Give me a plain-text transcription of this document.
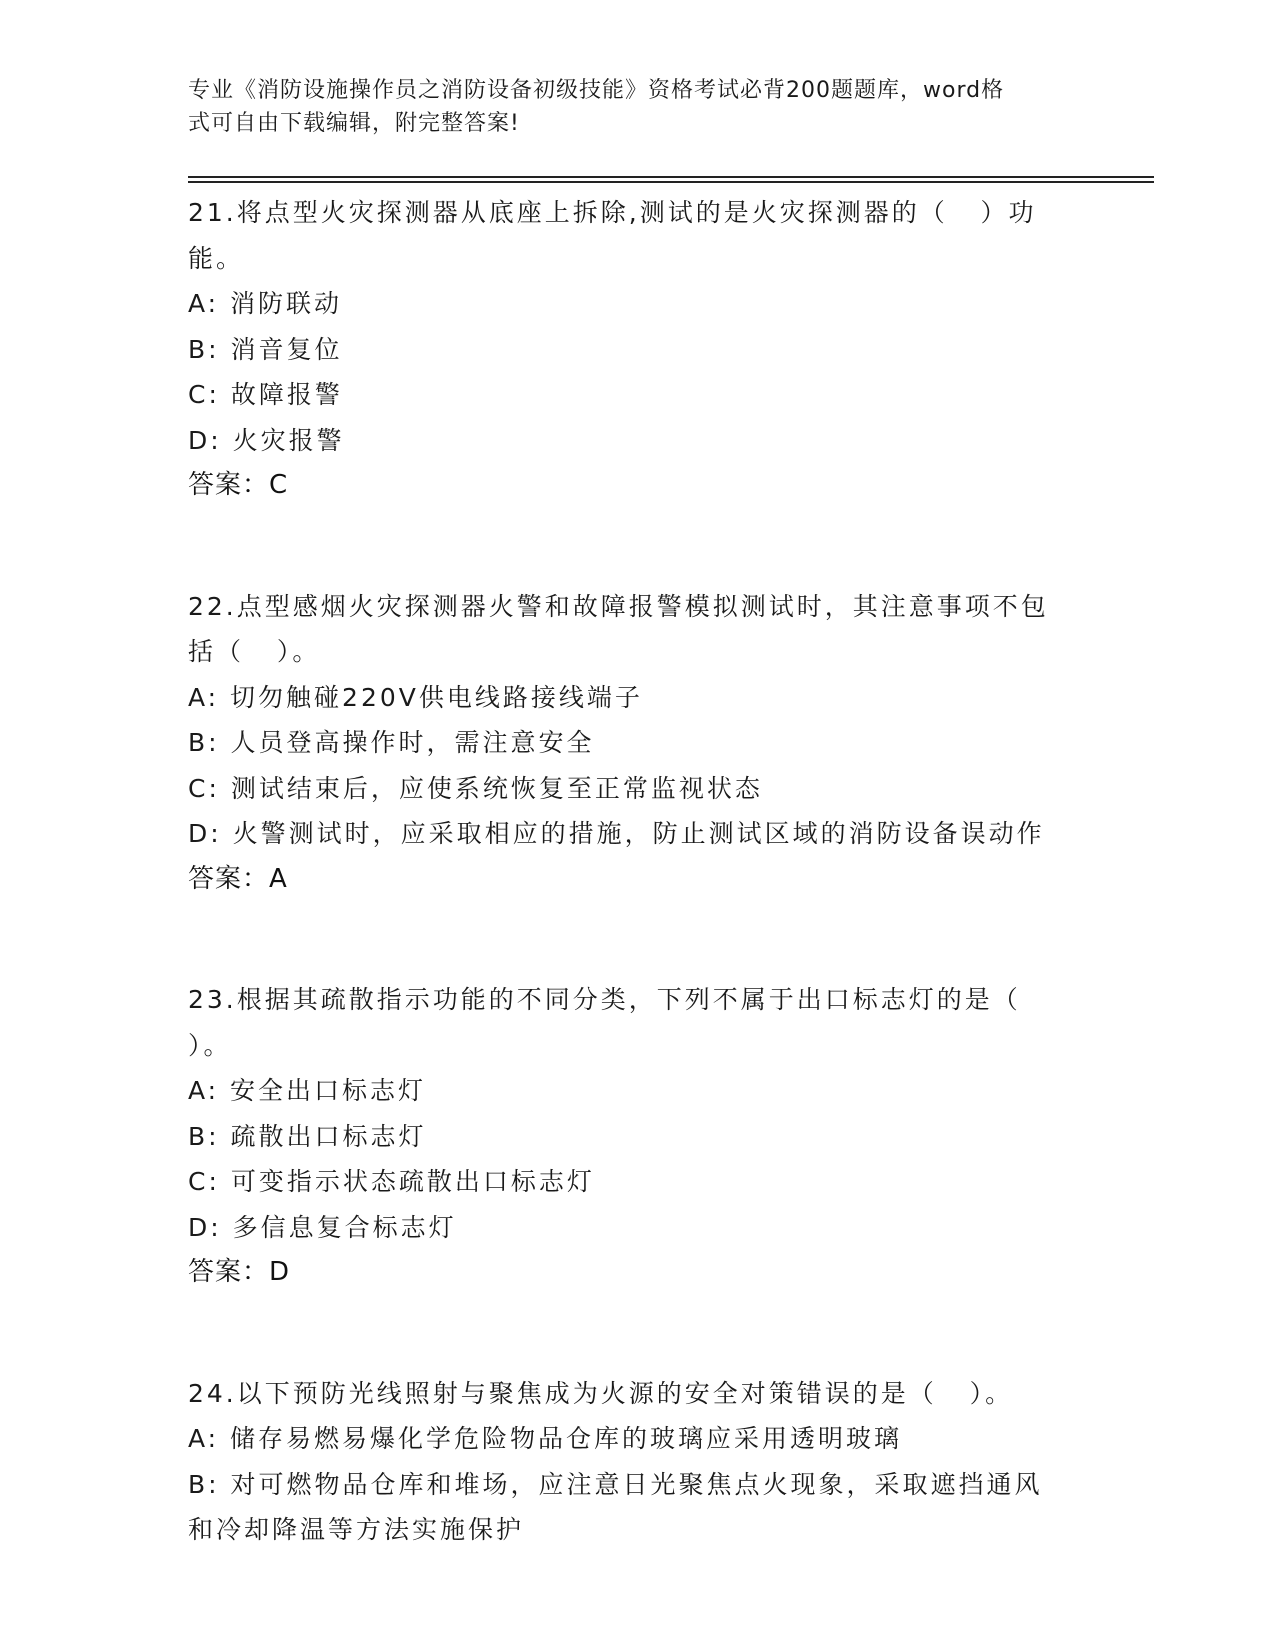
专业《消防设施操作员之消防设备初级技能》资格考试必背200题题库，word格
式可自由下载编辑，附完整答案!
21.将点型火灾探测器从底座上拆除,测试的是火灾探测器的（   ）功
能。
A: 消防联动
B: 消音复位
C: 故障报警
D: 火灾报警
答案：C
22.点型感烟火灾探测器火警和故障报警模拟测试时，其注意事项不包
括（   ）。
A: 切勿触碰220V供电线路接线端子
B: 人员登高操作时，需注意安全
C: 测试结束后，应使系统恢复至正常监视状态
D: 火警测试时，应采取相应的措施，防止测试区域的消防设备误动作
答案：A
23.根据其疏散指示功能的不同分类，下列不属于出口标志灯的是（
）。
A: 安全出口标志灯
B: 疏散出口标志灯
C: 可变指示状态疏散出口标志灯
D: 多信息复合标志灯
答案：D
24.以下预防光线照射与聚焦成为火源的安全对策错误的是（   ）。
A: 储存易燃易爆化学危险物品仓库的玻璃应采用透明玻璃
B: 对可燃物品仓库和堆场，应注意日光聚焦点火现象，采取遮挡通风
和冷却降温等方法实施保护
